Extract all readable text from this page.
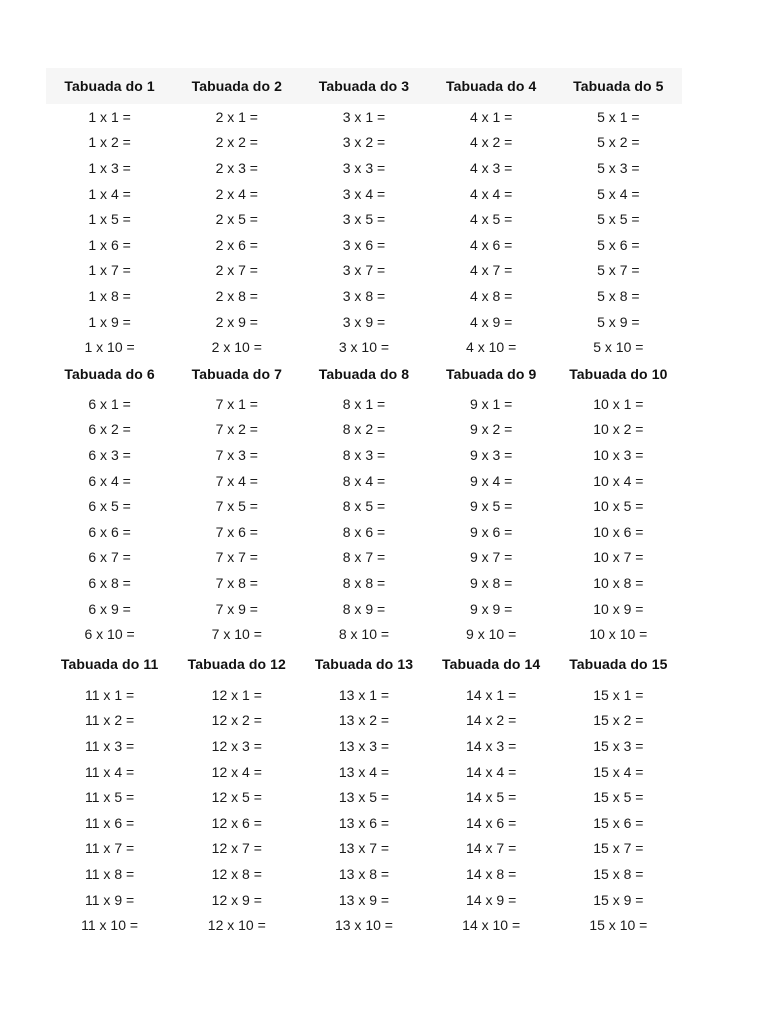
Tabuada do 1	Tabuada do 2	Tabuada do 3	Tabuada do 4	Tabuada do 5
1 x 1 =	2 x 1 =	3 x 1 =	4 x 1 =	5 x 1 =
1 x 2 =	2 x 2 =	3 x 2 =	4 x 2 =	5 x 2 =
1 x 3 =	2 x 3 =	3 x 3 =	4 x 3 =	5 x 3 =
1 x 4 =	2 x 4 =	3 x 4 =	4 x 4 =	5 x 4 =
1 x 5 =	2 x 5 =	3 x 5 =	4 x 5 =	5 x 5 =
1 x 6 =	2 x 6 =	3 x 6 =	4 x 6 =	5 x 6 =
1 x 7 =	2 x 7 =	3 x 7 =	4 x 7 =	5 x 7 =
1 x 8 =	2 x 8 =	3 x 8 =	4 x 8 =	5 x 8 =
1 x 9 =	2 x 9 =	3 x 9 =	4 x 9 =	5 x 9 =
1 x 10 =	2 x 10 =	3 x 10 =	4 x 10 =	5 x 10 =
Tabuada do 6	Tabuada do 7	Tabuada do 8	Tabuada do 9	Tabuada do 10
6 x 1 =	7 x 1 =	8 x 1 =	9 x 1 =	10 x 1 =
6 x 2 =	7 x 2 =	8 x 2 =	9 x 2 =	10 x 2 =
6 x 3 =	7 x 3 =	8 x 3 =	9 x 3 =	10 x 3 =
6 x 4 =	7 x 4 =	8 x 4 =	9 x 4 =	10 x 4 =
6 x 5 =	7 x 5 =	8 x 5 =	9 x 5 =	10 x 5 =
6 x 6 =	7 x 6 =	8 x 6 =	9 x 6 =	10 x 6 =
6 x 7 =	7 x 7 =	8 x 7 =	9 x 7 =	10 x 7 =
6 x 8 =	7 x 8 =	8 x 8 =	9 x 8 =	10 x 8 =
6 x 9 =	7 x 9 =	8 x 9 =	9 x 9 =	10 x 9 =
6 x 10 =	7 x 10 =	8 x 10 =	9 x 10 =	10 x 10 =
Tabuada do 11	Tabuada do 12	Tabuada do 13	Tabuada do 14	Tabuada do 15
11 x 1 =	12 x 1 =	13 x 1 =	14 x 1 =	15 x 1 =
11 x 2 =	12 x 2 =	13 x 2 =	14 x 2 =	15 x 2 =
11 x 3 =	12 x 3 =	13 x 3 =	14 x 3 =	15 x 3 =
11 x 4 =	12 x 4 =	13 x 4 =	14 x 4 =	15 x 4 =
11 x 5 =	12 x 5 =	13 x 5 =	14 x 5 =	15 x 5 =
11 x 6 =	12 x 6 =	13 x 6 =	14 x 6 =	15 x 6 =
11 x 7 =	12 x 7 =	13 x 7 =	14 x 7 =	15 x 7 =
11 x 8 =	12 x 8 =	13 x 8 =	14 x 8 =	15 x 8 =
11 x 9 =	12 x 9 =	13 x 9 =	14 x 9 =	15 x 9 =
11 x 10 =	12 x 10 =	13 x 10 =	14 x 10 =	15 x 10 =
